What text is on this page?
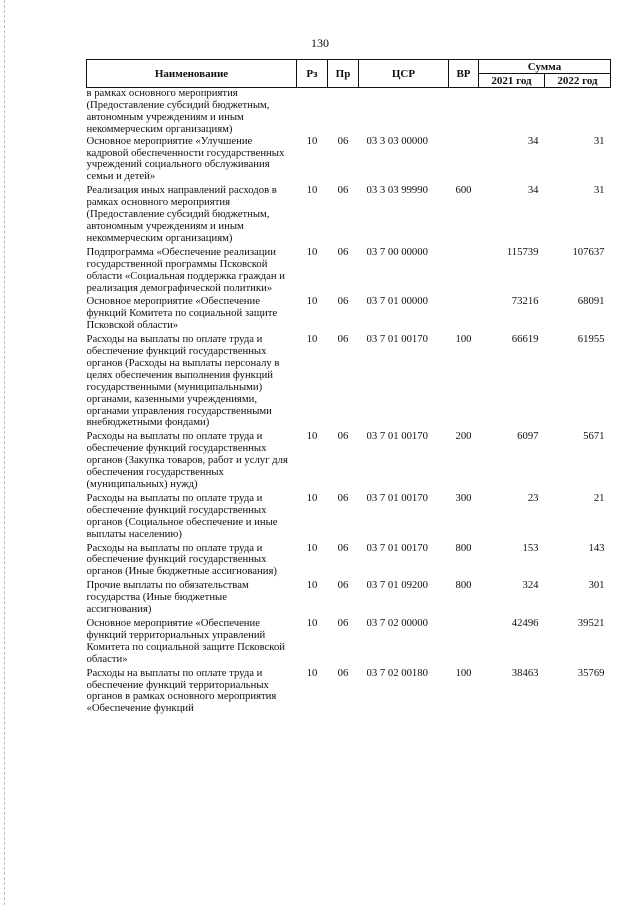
130
Наименование	Рз	Пр	ЦСР	ВР	Сумма	
					2021 год	2022 год
в рамках основного мероприятия (Предоставление субсидий бюджетным, автономным учреждениям и иным некоммерческим организациям)						
Основное мероприятие «Улучшение кадровой обеспеченности государственных учреждений социального обслуживания семьи и детей»	10	06	03 3 03 00000		34	31
Реализация иных направлений расходов в рамках основного мероприятия (Предоставление субсидий бюджетным, автономным учреждениям и иным некоммерческим организациям)	10	06	03 3 03 99990	600	34	31
Подпрограмма «Обеспечение реализации государственной программы Псковской области «Социальная поддержка граждан и реализация демографической политики»	10	06	03 7 00 00000		115739	107637
Основное мероприятие «Обеспечение функций Комитета по социальной защите Псковской области»	10	06	03 7 01 00000		73216	68091
Расходы на выплаты по оплате труда и обеспечение функций государственных органов (Расходы на выплаты персоналу в целях обеспечения выполнения функций государственными (муниципальными) органами, казенными учреждениями, органами управления государственными внебюджетными фондами)	10	06	03 7 01 00170	100	66619	61955
Расходы на выплаты по оплате труда и обеспечение функций государственных органов (Закупка товаров, работ и услуг для обеспечения государственных (муниципальных) нужд)	10	06	03 7 01 00170	200	6097	5671
Расходы на выплаты по оплате труда и обеспечение функций государственных органов (Социальное обеспечение и иные выплаты населению)	10	06	03 7 01 00170	300	23	21
Расходы на выплаты по оплате труда и обеспечение функций государственных органов (Иные бюджетные ассигнования)	10	06	03 7 01 00170	800	153	143
Прочие выплаты по обязательствам государства (Иные бюджетные ассигнования)	10	06	03 7 01 09200	800	324	301
Основное мероприятие «Обеспечение функций территориальных управлений Комитета по социальной защите Псковской области»	10	06	03 7 02 00000		42496	39521
Расходы на выплаты по оплате труда и обеспечение функций территориальных органов в рамках основного мероприятия «Обеспечение функций	10	06	03 7 02 00180	100	38463	35769
